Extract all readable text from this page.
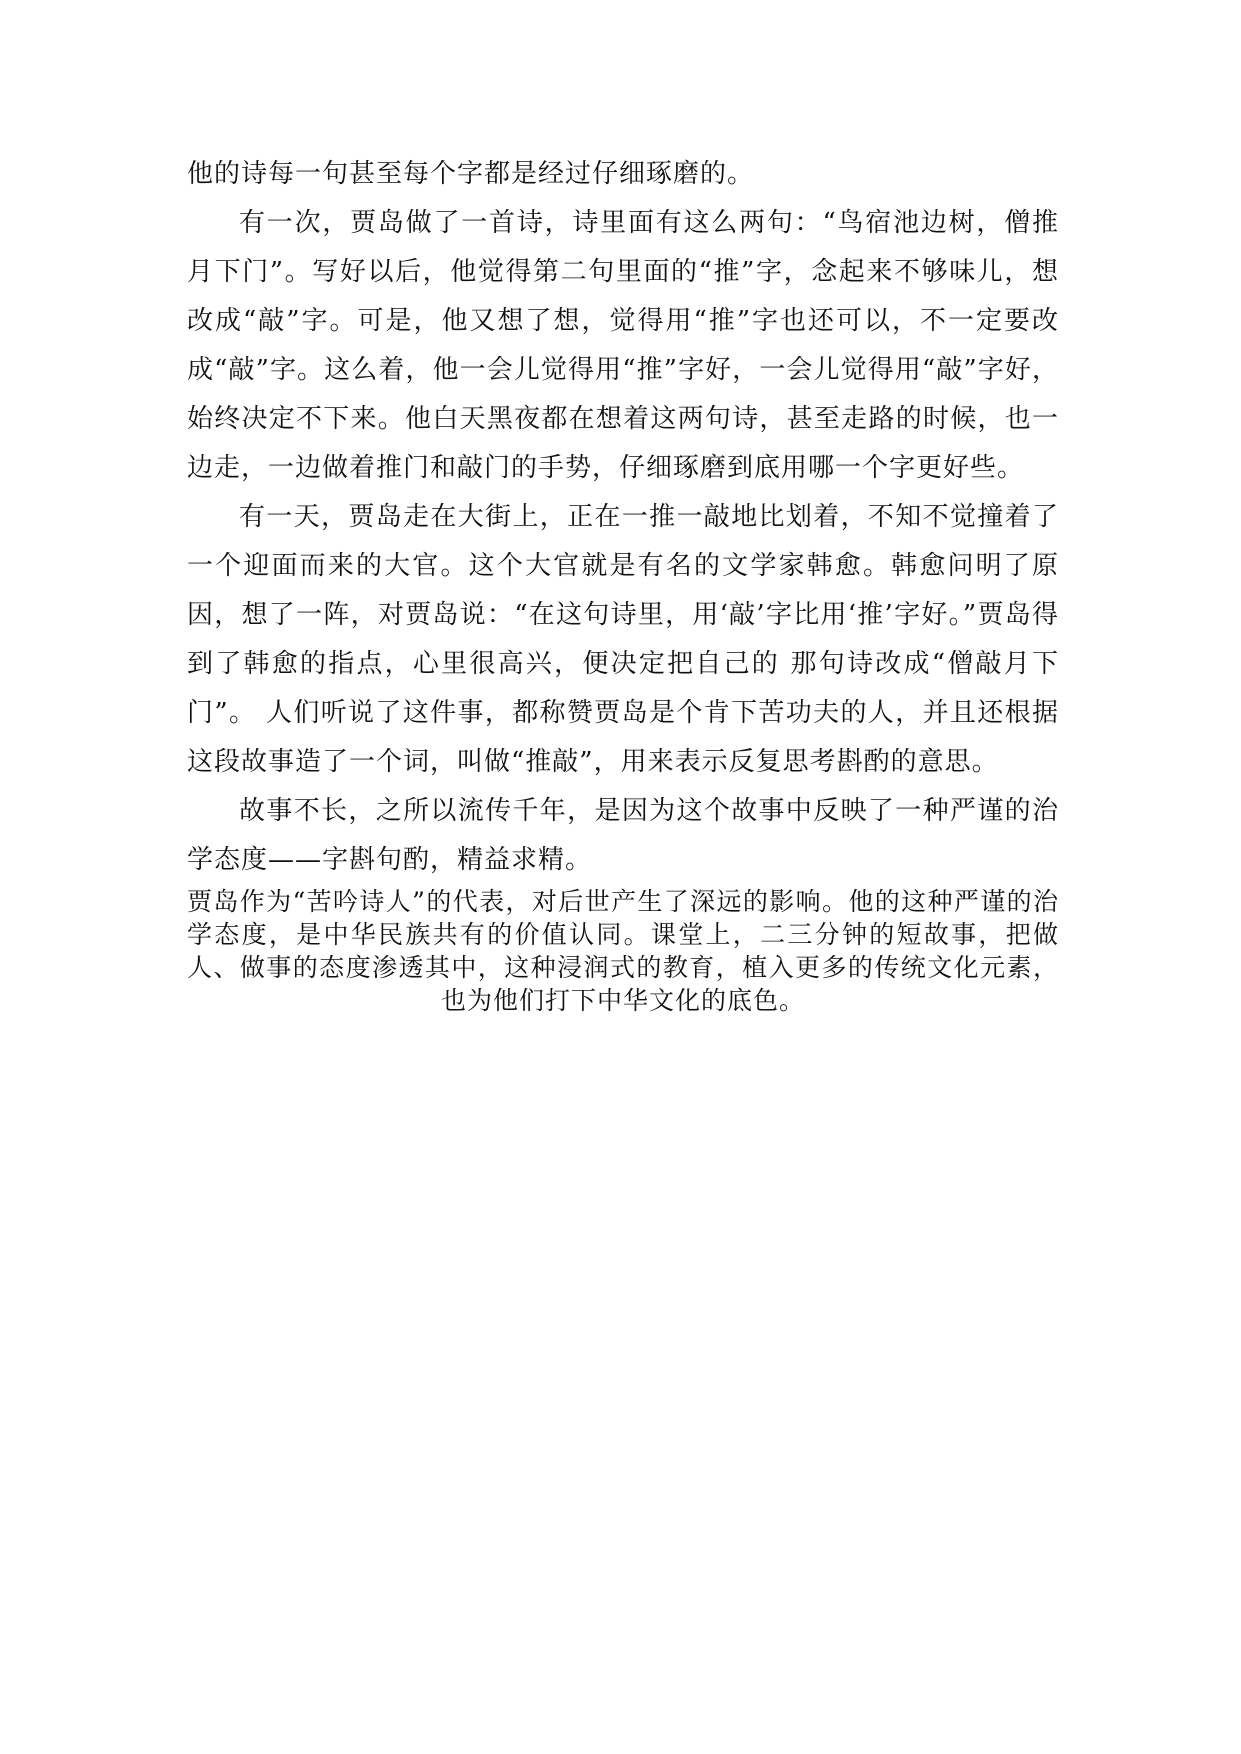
他的诗每一句甚至每个字都是经过仔细琢磨的。

有一次，贾岛做了一首诗，诗里面有这么两句：“鸟宿池边树，僧推月下门”。写好以后，他觉得第二句里面的“推”字，念起来不够味儿，想改成“敲”字。可是，他又想了想，觉得用“推”字也还可以，不一定要改成“敲”字。这么着，他一会儿觉得用“推”字好，一会儿觉得用“敲”字好，始终决定不下来。他白天黑夜都在想着这两句诗，甚至走路的时候，也一边走，一边做着推门和敲门的手势，仔细琢磨到底用哪一个字更好些。

有一天，贾岛走在大街上，正在一推一敲地比划着，不知不觉撞着了一个迎面而来的大官。这个大官就是有名的文学家韩愈。韩愈问明了原因，想了一阵，对贾岛说：“在这句诗里，用‘敲’字比用‘推’字好。”贾岛得到了韩愈的指点，心里很高兴，便决定把自己的 那句诗改成“僧敲月下门”。 人们听说了这件事，都称赞贾岛是个肯下苦功夫的人，并且还根据这段故事造了一个词，叫做“推敲”，用来表示反复思考斟酌的意思。

故事不长，之所以流传千年，是因为这个故事中反映了一种严谨的治学态度——字斟句酌，精益求精。

贾岛作为“苦吟诗人”的代表，对后世产生了深远的影响。他的这种严谨的治学态度，是中华民族共有的价值认同。课堂上，二三分钟的短故事，把做人、做事的态度渗透其中，这种浸润式的教育，植入更多的传统文化元素，也为他们打下中华文化的底色。
